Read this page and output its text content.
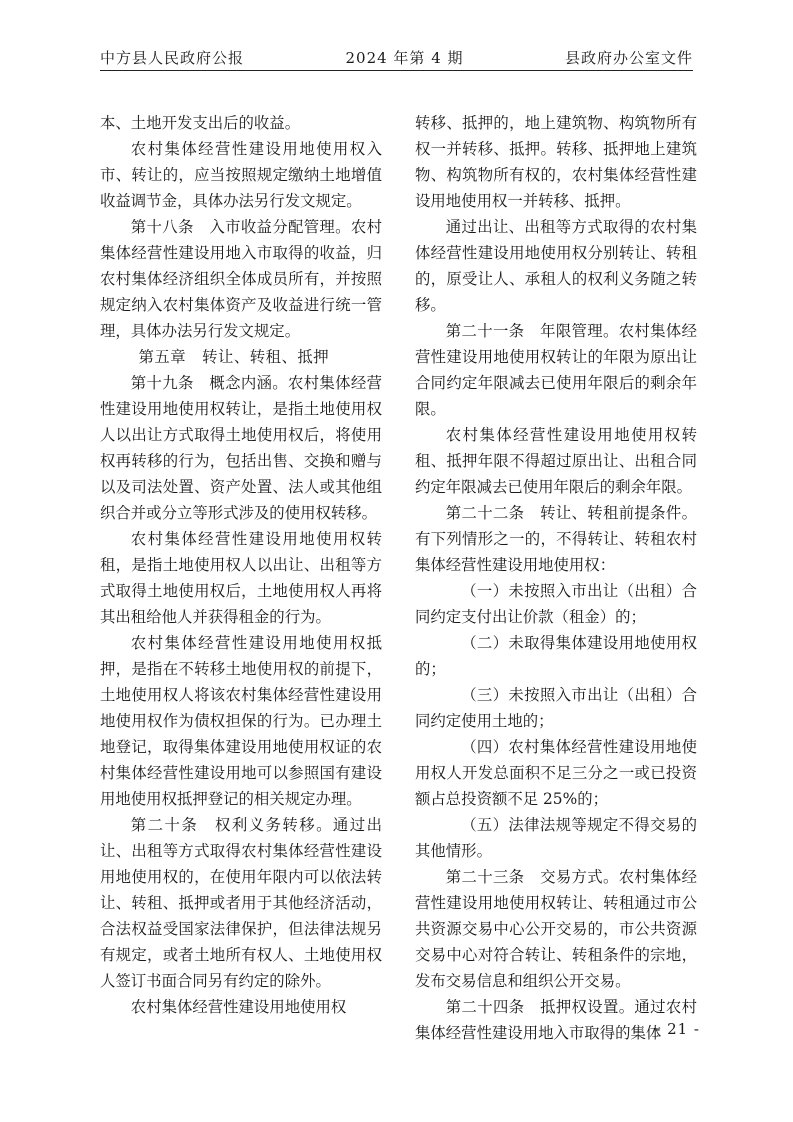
中方县人民政府公报	2024 年第 4 期	县政府办公室文件

本、土地开发支出后的收益。

农村集体经营性建设用地使用权入市、转让的，应当按照规定缴纳土地增值收益调节金，具体办法另行发文规定。

第十八条　入市收益分配管理。农村集体经营性建设用地入市取得的收益，归农村集体经济组织全体成员所有，并按照规定纳入农村集体资产及收益进行统一管理，具体办法另行发文规定。

第五章　转让、转租、抵押

第十九条　概念内涵。农村集体经营性建设用地使用权转让，是指土地使用权人以出让方式取得土地使用权后，将使用权再转移的行为，包括出售、交换和赠与以及司法处置、资产处置、法人或其他组织合并或分立等形式涉及的使用权转移。

农村集体经营性建设用地使用权转租，是指土地使用权人以出让、出租等方式取得土地使用权后，土地使用权人再将其出租给他人并获得租金的行为。

农村集体经营性建设用地使用权抵押，是指在不转移土地使用权的前提下，土地使用权人将该农村集体经营性建设用地使用权作为债权担保的行为。已办理土地登记，取得集体建设用地使用权证的农村集体经营性建设用地可以参照国有建设用地使用权抵押登记的相关规定办理。

第二十条　权利义务转移。通过出让、出租等方式取得农村集体经营性建设用地使用权的，在使用年限内可以依法转让、转租、抵押或者用于其他经济活动，合法权益受国家法律保护，但法律法规另有规定，或者土地所有权人、土地使用权人签订书面合同另有约定的除外。

农村集体经营性建设用地使用权

转移、抵押的，地上建筑物、构筑物所有权一并转移、抵押。转移、抵押地上建筑物、构筑物所有权的，农村集体经营性建设用地使用权一并转移、抵押。

通过出让、出租等方式取得的农村集体经营性建设用地使用权分别转让、转租的，原受让人、承租人的权利义务随之转移。

第二十一条　年限管理。农村集体经营性建设用地使用权转让的年限为原出让合同约定年限减去已使用年限后的剩余年限。

农村集体经营性建设用地使用权转租、抵押年限不得超过原出让、出租合同约定年限减去已使用年限后的剩余年限。

第二十二条　转让、转租前提条件。有下列情形之一的，不得转让、转租农村集体经营性建设用地使用权：

（一）未按照入市出让（出租）合同约定支付出让价款（租金）的；

（二）未取得集体建设用地使用权的；

（三）未按照入市出让（出租）合同约定使用土地的；

（四）农村集体经营性建设用地使用权人开发总面积不足三分之一或已投资额占总投资额不足 25%的；

（五）法律法规等规定不得交易的其他情形。

第二十三条　交易方式。农村集体经营性建设用地使用权转让、转租通过市公共资源交易中心公开交易的，市公共资源交易中心对符合转让、转租条件的宗地，发布交易信息和组织公开交易。

第二十四条　抵押权设置。通过农村集体经营性建设用地入市取得的集体

- 21 -
